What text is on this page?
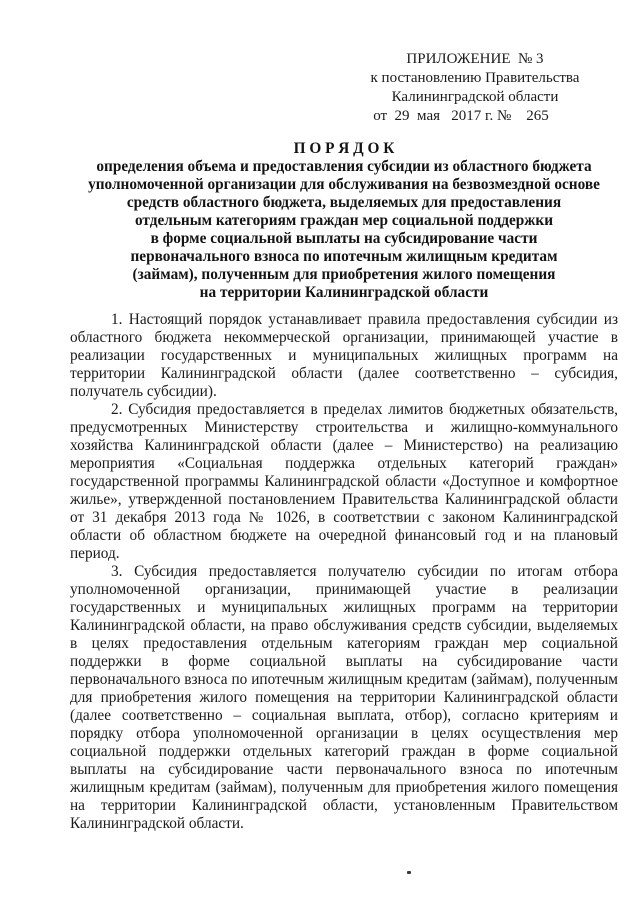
ПРИЛОЖЕНИЕ  № 3
к постановлению Правительства
Калининградской области
от  29  мая   2017 г. №    265
П О Р Я Д О К
определения объема и предоставления субсидии из областного бюджета
уполномоченной организации для обслуживания на безвозмездной основе
средств областного бюджета, выделяемых для предоставления
отдельным категориям граждан мер социальной поддержки
в форме социальной выплаты на субсидирование части
первоначального взноса по ипотечным жилищным кредитам
(займам), полученным для приобретения жилого помещения
на территории Калининградской области

1. Настоящий порядок устанавливает правила предоставления субсидии из областного бюджета некоммерческой организации, принимающей участие в реализации государственных и муниципальных жилищных программ на территории Калининградской области (далее соответственно – субсидия, получатель субсидии).

2. Субсидия предоставляется в пределах лимитов бюджетных обязательств, предусмотренных Министерству строительства и жилищно-коммунального хозяйства Калининградской области (далее – Министерство) на реализацию мероприятия «Социальная поддержка отдельных категорий граждан» государственной программы Калининградской области «Доступное и комфортное жилье», утвержденной постановлением Правительства Калининградской области от 31 декабря 2013 года № 1026, в соответствии с законом Калининградской области об областном бюджете на очередной финансовый год и на плановый период.

3. Субсидия предоставляется получателю субсидии по итогам отбора уполномоченной организации, принимающей участие в реализации государственных и муниципальных жилищных программ на территории Калининградской области, на право обслуживания средств субсидии, выделяемых в целях предоставления отдельным категориям граждан мер социальной поддержки в форме социальной выплаты на субсидирование части первоначального взноса по ипотечным жилищным кредитам (займам), полученным для приобретения жилого помещения на территории Калининградской области (далее соответственно – социальная выплата, отбор), согласно критериям и порядку отбора уполномоченной организации в целях осуществления мер социальной поддержки отдельных категорий граждан в форме социальной выплаты на субсидирование части первоначального взноса по ипотечным жилищным кредитам (займам), полученным для приобретения жилого помещения на территории Калининградской области, установленным Правительством Калининградской области.
